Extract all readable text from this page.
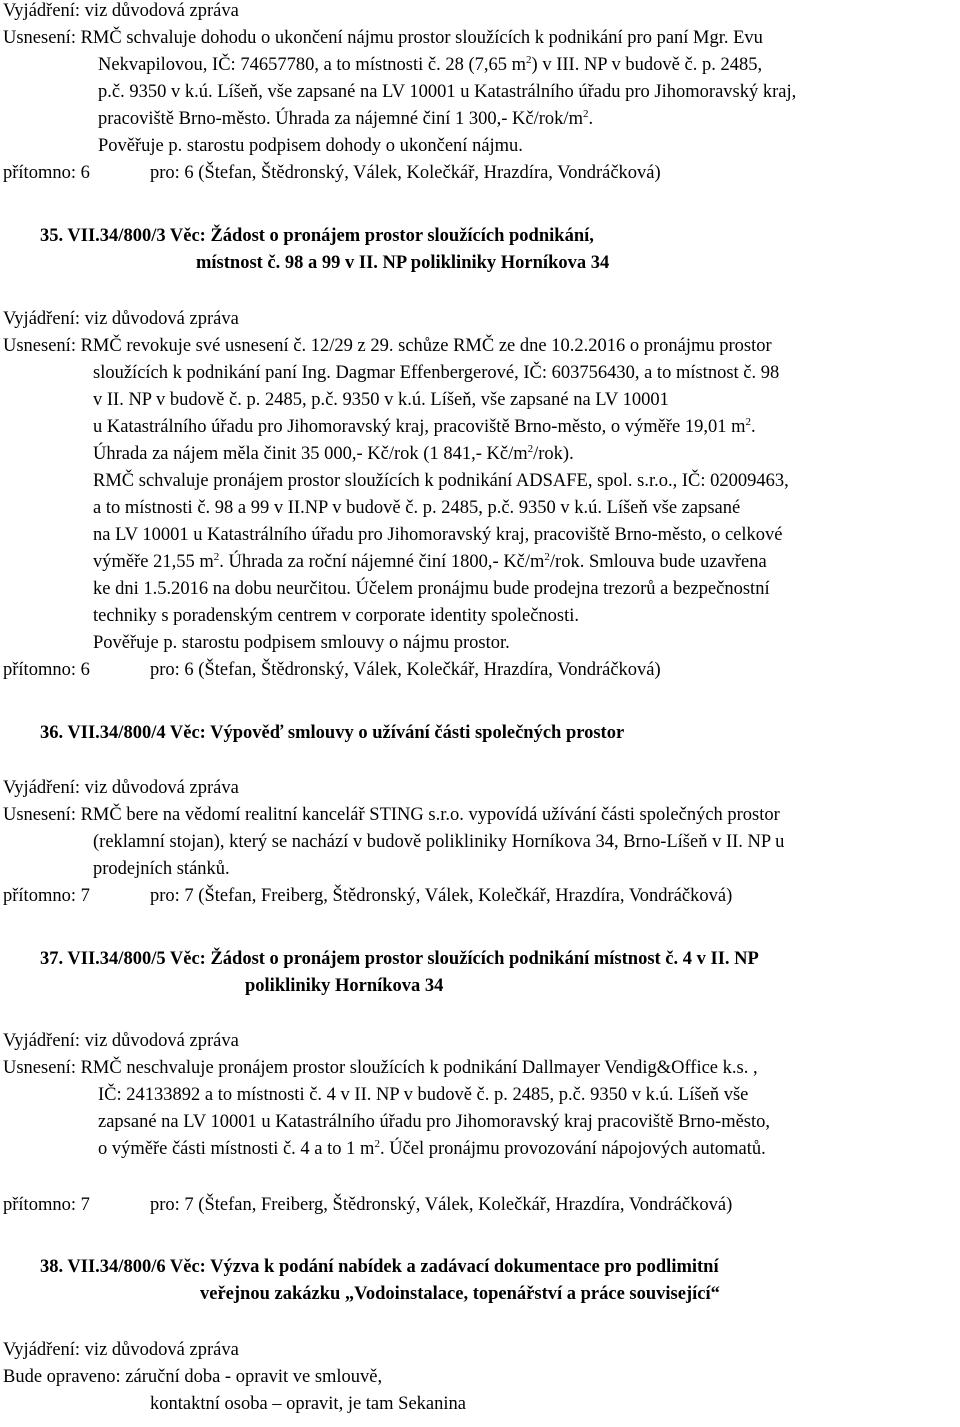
Vyjádření: viz důvodová zpráva
Usnesení: RMČ schvaluje dohodu o ukončení nájmu prostor sloužících k podnikání pro paní Mgr. Evu
Nekvapilovou, IČ: 74657780, a to místnosti č. 28 (7,65 $m^2$) v III. NP v budově č. p. 2485,
p.č. 9350 v k.ú. Líšeň, vše zapsané na LV 10001 u Katastrálního úřadu pro Jihomoravský kraj,
pracoviště Brno-město. Úhrada za nájemné činí 1 300,- $Kč/rok/m^2$.
Pověřuje p. starostu podpisem dohody o ukončení nájmu.
přítomno: 6	pro: 6 (Štefan, Štědronský, Válek, Kolečkář, Hrazdíra, Vondráčková)
35. VII.34/800/3 Věc: Žádost o pronájem prostor sloužících podnikání,
místnost č. 98 a 99 v II. NP polikliniky Horníkova 34
Vyjádření: viz důvodová zpráva
Usnesení: RMČ revokuje své usnesení č. 12/29 z 29. schůze RMČ ze dne 10.2.2016 o pronájmu prostor
sloužících k podnikání paní Ing. Dagmar Effenbergerové, IČ: 603756430, a to místnost č. 98
v II. NP v budově č. p. 2485, p.č. 9350 v k.ú. Líšeň, vše zapsané na LV 10001
u Katastrálního úřadu pro Jihomoravský kraj, pracoviště Brno-město, o výměře 19,01 $m^2$.
Úhrada za nájem měla činit 35 000,- Kč/rok (1 841,- $Kč/m^2/rok$).
RMČ schvaluje pronájem prostor sloužících k podnikání ADSAFE, spol. s.r.o., IČ: 02009463,
a to místnosti č. 98 a 99 v II.NP v budově č. p. 2485, p.č. 9350 v k.ú. Líšeň vše zapsané
na LV 10001 u Katastrálního úřadu pro Jihomoravský kraj, pracoviště Brno-město, o celkové
výměře 21,55 $m^2$. Úhrada za roční nájemné činí 1800,- $Kč/m^2$/rok. Smlouva bude uzavřena
ke dni 1.5.2016 na dobu neurčitou. Účelem pronájmu bude prodejna trezorů a bezpečnostní
techniky s poradenským centrem v corporate identity společnosti.
Pověřuje p. starostu podpisem smlouvy o nájmu prostor.
přítomno: 6	pro: 6 (Štefan, Štědronský, Válek, Kolečkář, Hrazdíra, Vondráčková)
36. VII.34/800/4 Věc: Výpověď smlouvy o užívání části společných prostor
Vyjádření: viz důvodová zpráva
Usnesení: RMČ bere na vědomí realitní kancelář STING s.r.o. vypovídá užívání části společných prostor
(reklamní stojan), který se nachází v budově polikliniky Horníkova 34, Brno-Líšeň v II. NP u
prodejních stánků.
přítomno: 7	pro: 7 (Štefan, Freiberg, Štědronský, Válek, Kolečkář, Hrazdíra, Vondráčková)
37. VII.34/800/5 Věc: Žádost o pronájem prostor sloužících podnikání místnost č. 4 v II. NP
polikliniky Horníkova 34
Vyjádření: viz důvodová zpráva
Usnesení: RMČ neschvaluje pronájem prostor sloužících k podnikání Dallmayer Vendig&Office k.s. ,
IČ: 24133892 a to místnosti č. 4 v II. NP v budově č. p. 2485, p.č. 9350 v k.ú. Líšeň vše
zapsané na LV 10001 u Katastrálního úřadu pro Jihomoravský kraj pracoviště Brno-město,
o výměře části místnosti č. 4 a to 1 $m^2$. Účel pronájmu provozování nápojových automatů.
přítomno: 7	pro: 7 (Štefan, Freiberg, Štědronský, Válek, Kolečkář, Hrazdíra, Vondráčková)
38. VII.34/800/6 Věc: Výzva k podání nabídek a zadávací dokumentace pro podlimitní
veřejnou zakázku „Vodoinstalace, topenářství a práce související“
Vyjádření: viz důvodová zpráva
Bude opraveno: záruční doba - opravit ve smlouvě,
kontaktní osoba – opravit, je tam Sekanina
